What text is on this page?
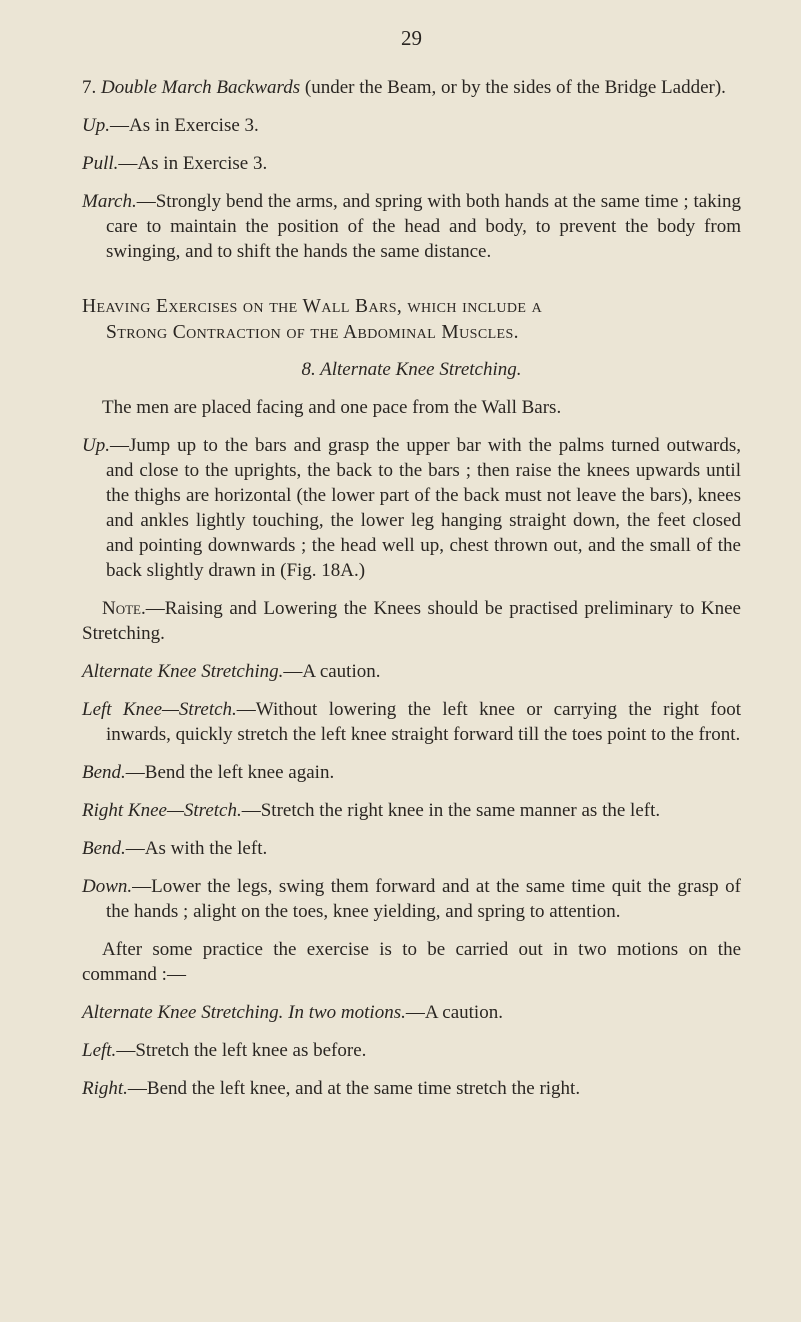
29

7. Double March Backwards (under the Beam, or by the sides of the Bridge Ladder).

Up.—As in Exercise 3.

Pull.—As in Exercise 3.

March.—Strongly bend the arms, and spring with both hands at the same time ; taking care to maintain the position of the head and body, to prevent the body from swinging, and to shift the hands the same distance.

Heaving Exercises on the Wall Bars, which include a
Strong Contraction of the Abdominal Muscles.

8. Alternate Knee Stretching.

The men are placed facing and one pace from the Wall Bars.

Up.—Jump up to the bars and grasp the upper bar with the palms turned outwards, and close to the uprights, the back to the bars ; then raise the knees upwards until the thighs are horizontal (the lower part of the back must not leave the bars), knees and ankles lightly touching, the lower leg hanging straight down, the feet closed and pointing downwards ; the head well up, chest thrown out, and the small of the back slightly drawn in (Fig. 18A.)

Note.—Raising and Lowering the Knees should be practised preliminary to Knee Stretching.

Alternate Knee Stretching.—A caution.

Left Knee—Stretch.—Without lowering the left knee or carrying the right foot inwards, quickly stretch the left knee straight forward till the toes point to the front.

Bend.—Bend the left knee again.

Right Knee—Stretch.—Stretch the right knee in the same manner as the left.

Bend.—As with the left.

Down.—Lower the legs, swing them forward and at the same time quit the grasp of the hands ; alight on the toes, knee yielding, and spring to attention.

After some practice the exercise is to be carried out in two motions on the command :—

Alternate Knee Stretching. In two motions.—A caution.

Left.—Stretch the left knee as before.

Right.—Bend the left knee, and at the same time stretch the right.
